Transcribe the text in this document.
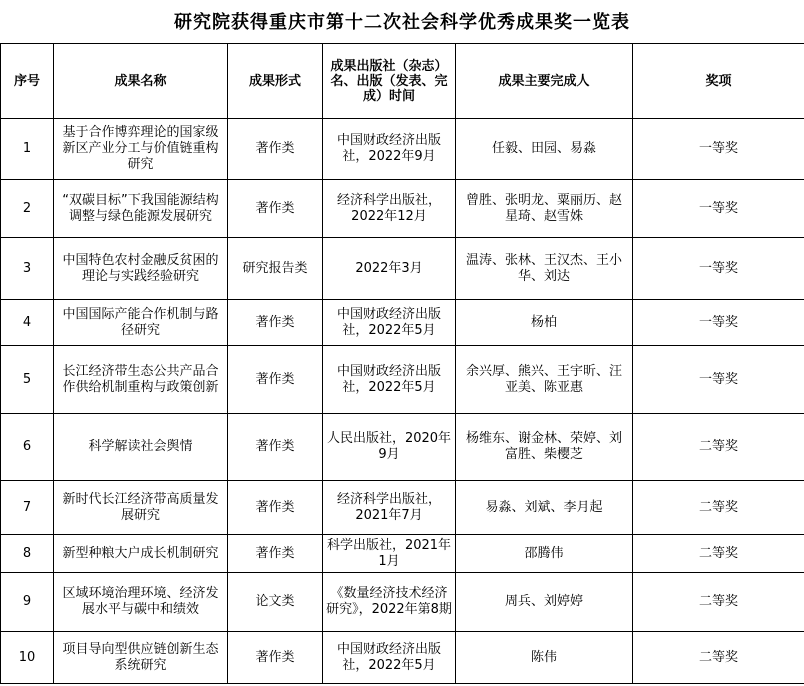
研究院获得重庆市第十二次社会科学优秀成果奖一览表
序号	成果名称	成果形式	成果出版社（杂志）名、出版（发表、完成）时间	成果主要完成人	奖项
1	基于合作博弈理论的国家级新区产业分工与价值链重构研究	著作类	中国财政经济出版社，2022年9月	任毅、田园、易淼	一等奖
2	“双碳目标”下我国能源结构调整与绿色能源发展研究	著作类	经济科学出版社，2022年12月	曾胜、张明龙、粟丽历、赵星琦、赵雪姝	一等奖
3	中国特色农村金融反贫困的理论与实践经验研究	研究报告类	2022年3月	温涛、张林、王汉杰、王小华、刘达	一等奖
4	中国国际产能合作机制与路径研究	著作类	中国财政经济出版社，2022年5月	杨柏	一等奖
5	长江经济带生态公共产品合作供给机制重构与政策创新	著作类	中国财政经济出版社，2022年5月	余兴厚、熊兴、王宇昕、汪亚美、陈亚惠	一等奖
6	科学解读社会舆情	著作类	人民出版社，2020年9月	杨维东、谢金林、荣婷、刘富胜、柴樱芝	二等奖
7	新时代长江经济带高质量发展研究	著作类	经济科学出版社，2021年7月	易淼、刘斌、李月起	二等奖
8	新型种粮大户成长机制研究	著作类	科学出版社，2021年1月	邵腾伟	二等奖
9	区域环境治理环境、经济发展水平与碳中和绩效	论文类	《数量经济技术经济研究》，2022年第8期	周兵、刘婷婷	二等奖
10	项目导向型供应链创新生态系统研究	著作类	中国财政经济出版社，2022年5月	陈伟	二等奖
